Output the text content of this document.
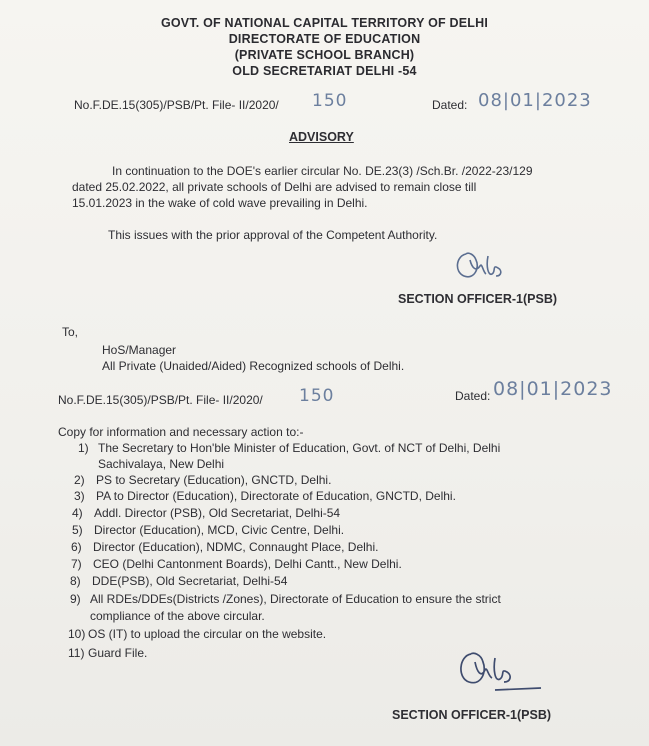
GOVT. OF NATIONAL CAPITAL TERRITORY OF DELHI
DIRECTORATE OF EDUCATION
(PRIVATE SCHOOL BRANCH)
OLD SECRETARIAT DELHI -54
No.F.DE.15(305)/PSB/Pt. File- II/2020/ 150	Dated: 08|01|2023
ADVISORY
In continuation to the DOE's earlier circular No. DE.23(3) /Sch.Br. /2022-23/129
dated 25.02.2022, all private schools of Delhi are advised to remain close till
15.01.2023 in the wake of cold wave prevailing in Delhi.
This issues with the prior approval of the Competent Authority.
SECTION OFFICER-1(PSB)
To,
HoS/Manager
All Private (Unaided/Aided) Recognized schools of Delhi.
No.F.DE.15(305)/PSB/Pt. File- II/2020/ 150	Dated: 08|01|2023
Copy for information and necessary action to:-
1) The Secretary to Hon'ble Minister of Education, Govt. of NCT of Delhi, Delhi
Sachivalaya, New Delhi
2) PS to Secretary (Education), GNCTD, Delhi.
3) PA to Director (Education), Directorate of Education, GNCTD, Delhi.
4) Addl. Director (PSB), Old Secretariat, Delhi-54
5) Director (Education), MCD, Civic Centre, Delhi.
6) Director (Education), NDMC, Connaught Place, Delhi.
7) CEO (Delhi Cantonment Boards), Delhi Cantt., New Delhi.
8) DDE(PSB), Old Secretariat, Delhi-54
9) All RDEs/DDEs(Districts /Zones), Directorate of Education to ensure the strict
compliance of the above circular.
10) OS (IT) to upload the circular on the website.
11) Guard File.
SECTION OFFICER-1(PSB)
